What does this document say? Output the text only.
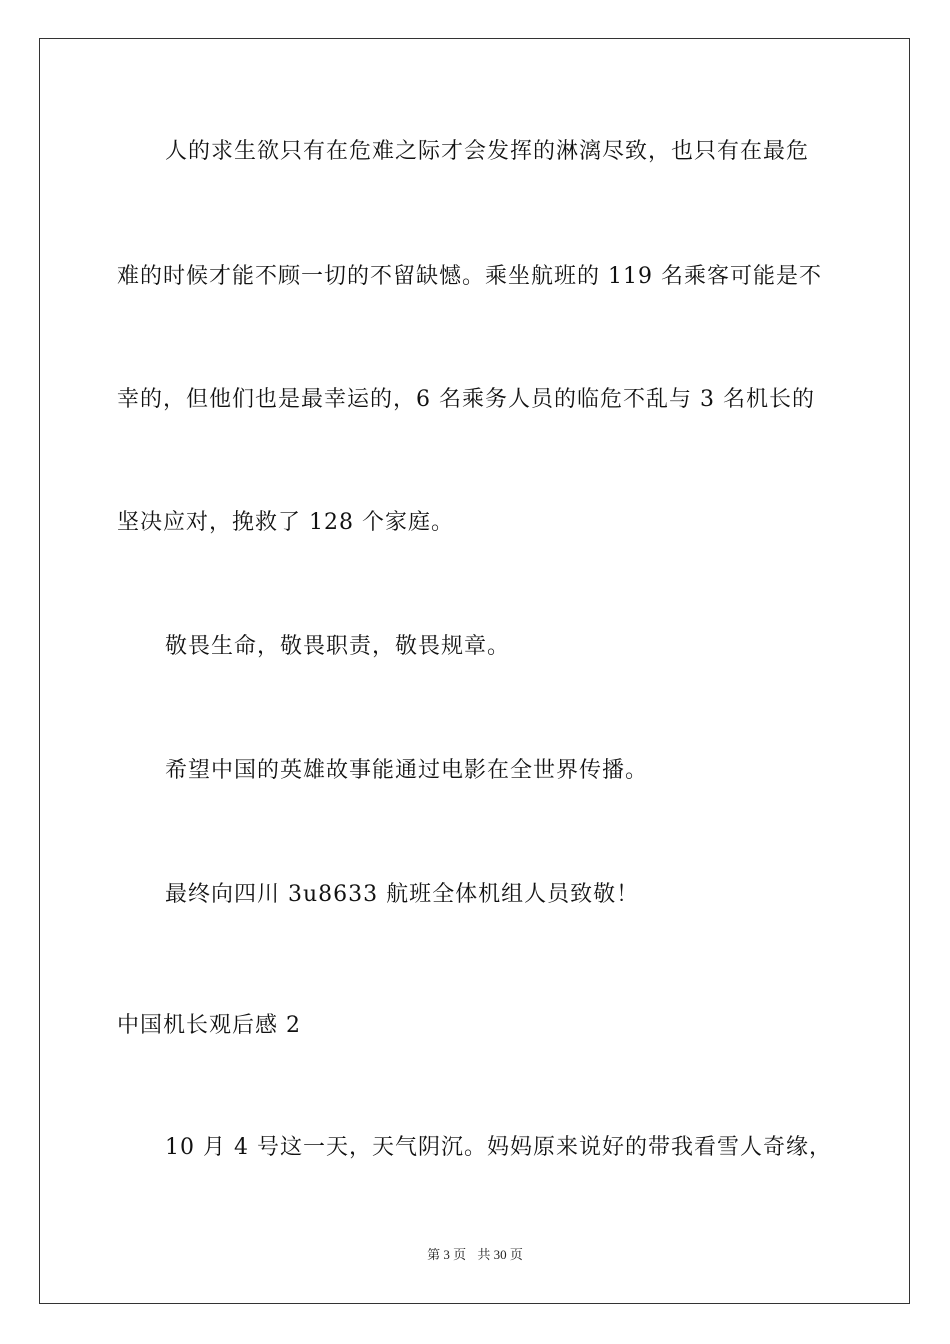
人的求生欲只有在危难之际才会发挥的淋漓尽致，也只有在最危
难的时候才能不顾一切的不留缺憾。乘坐航班的 119 名乘客可能是不
幸的，但他们也是最幸运的，6 名乘务人员的临危不乱与 3 名机长的
坚决应对，挽救了 128 个家庭。
敬畏生命，敬畏职责，敬畏规章。
希望中国的英雄故事能通过电影在全世界传播。
最终向四川 3u8633 航班全体机组人员致敬！
中国机长观后感 2
10 月 4 号这一天，天气阴沉。妈妈原来说好的带我看雪人奇缘，
第 3 页 共 30 页
